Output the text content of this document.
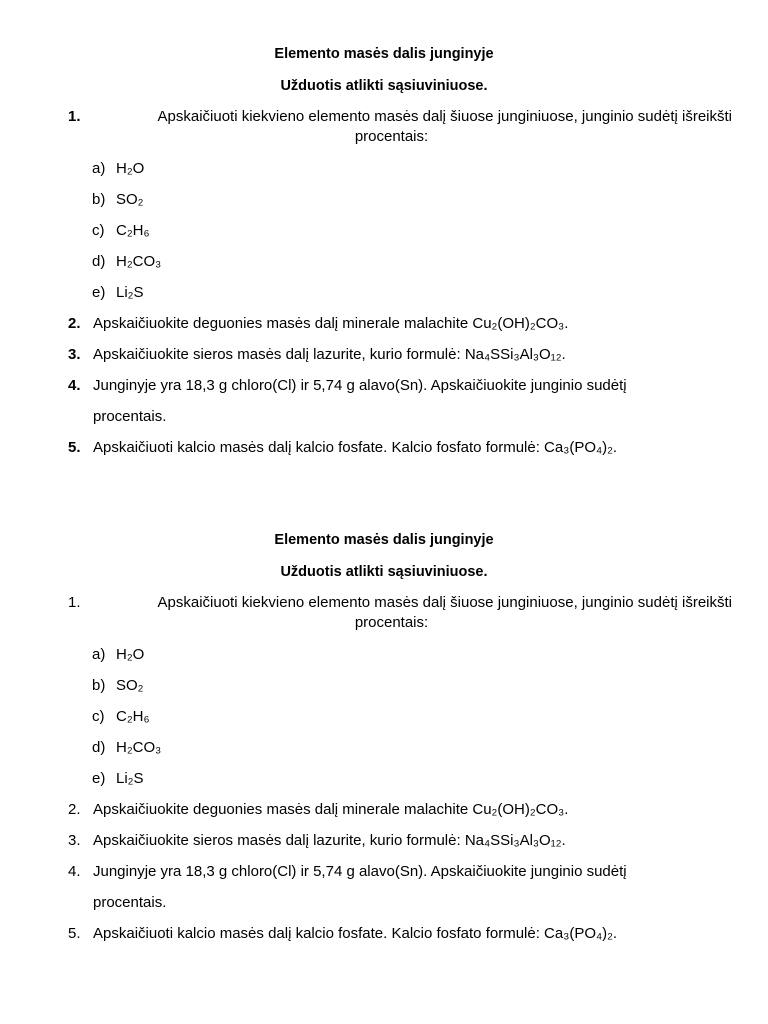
Elemento masės dalis junginyje
Užduotis atlikti sąsiuviniuose.
1.	Apskaičiuoti kiekvieno elemento masės dalį šiuose junginiuose, junginio sudėtį išreikšti
procentais:
a) H₂O
b) SO₂
c) C₂H₆
d) H₂CO₃
e) Li₂S
2. Apskaičiuokite deguonies masės dalį minerale malachite Cu₂(OH)₂CO₃.
3. Apskaičiuokite sieros masės dalį lazurite, kurio formulė: Na₄SSi₃Al₃O₁₂.
4. Junginyje yra 18,3 g chloro(Cl) ir 5,74 g alavo(Sn). Apskaičiuokite junginio sudėtį
procentais.
5. Apskaičiuoti kalcio masės dalį kalcio fosfate. Kalcio fosfato formulė: Ca₃(PO₄)₂.
Elemento masės dalis junginyje
Užduotis atlikti sąsiuviniuose.
1.	Apskaičiuoti kiekvieno elemento masės dalį šiuose junginiuose, junginio sudėtį išreikšti
procentais:
a) H₂O
b) SO₂
c) C₂H₆
d) H₂CO₃
e) Li₂S
2. Apskaičiuokite deguonies masės dalį minerale malachite Cu₂(OH)₂CO₃.
3. Apskaičiuokite sieros masės dalį lazurite, kurio formulė: Na₄SSi₃Al₃O₁₂.
4. Junginyje yra 18,3 g chloro(Cl) ir 5,74 g alavo(Sn). Apskaičiuokite junginio sudėtį
procentais.
5. Apskaičiuoti kalcio masės dalį kalcio fosfate. Kalcio fosfato formulė: Ca₃(PO₄)₂.
